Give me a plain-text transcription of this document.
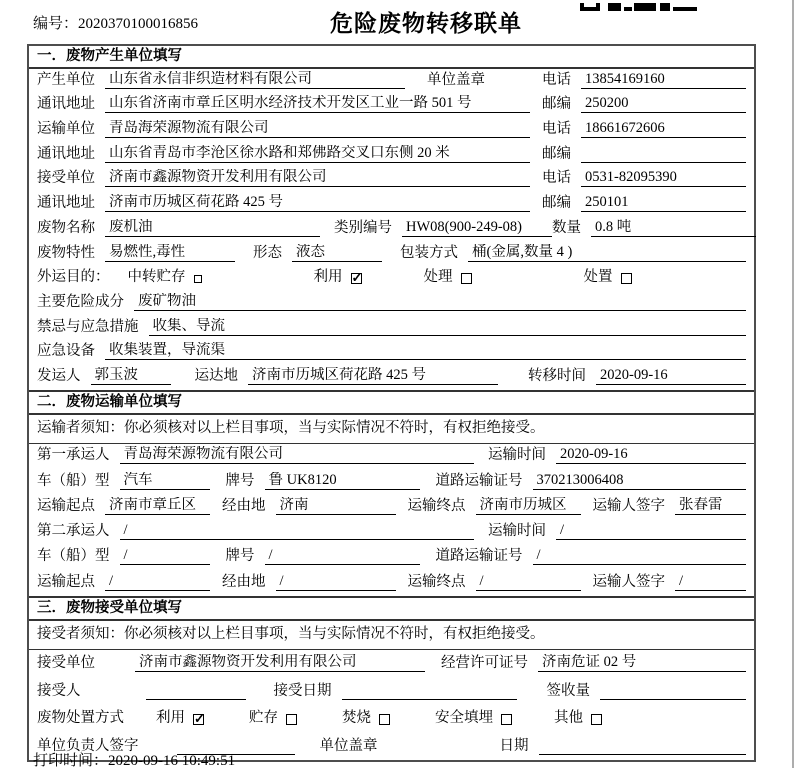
编号：2020370100016856	危险废物转移联单
一．废物产生单位填写
产生单位 山东省永信非织造材料有限公司	单位盖章	电话 13854169160
通讯地址 山东省济南市章丘区明水经济技术开发区工业一路 501 号	邮编 250200
运输单位 青岛海荣源物流有限公司	电话 18661672606
通讯地址 山东省青岛市李沧区徐水路和郑佛路交叉口东侧 20 米	邮编
接受单位 济南市鑫源物资开发利用有限公司	电话 0531-82095390
通讯地址 济南市历城区荷花路 425 号	邮编 250101
废物名称 废机油	类别编号 HW08(900-249-08)	数量 0.8 吨
废物特性 易燃性,毒性	形态 液态	包装方式 桶(金属,数量 4 )
外运目的：	中转贮存	利用 ✓	处理	处置
主要危险成分 废矿物油
禁忌与应急措施 收集、导流
应急设备 收集装置，导流渠
发运人 郭玉波	运达地 济南市历城区荷花路 425 号	转移时间 2020-09-16
二．废物运输单位填写
运输者须知：你必须核对以上栏目事项，当与实际情况不符时，有权拒绝接受。
第一承运人 青岛海荣源物流有限公司	运输时间 2020-09-16
车（船）型 汽车	牌号 鲁 UK8120	道路运输证号 370213006408
运输起点 济南市章丘区	经由地 济南	运输终点 济南市历城区	运输人签字 张春雷
第二承运人 /	运输时间 /
车（船）型 /	牌号 /	道路运输证号 /
运输起点 /	经由地 /	运输终点 /	运输人签字 /
三．废物接受单位填写
接受者须知：你必须核对以上栏目事项，当与实际情况不符时，有权拒绝接受。
接受单位	济南市鑫源物资开发利用有限公司	经营许可证号 济南危证 02 号
接受人	接受日期	签收量
废物处置方式	利用 ✓	贮存	焚烧	安全填埋	其他
单位负责人签字	单位盖章	日期
打印时间：2020-09-16 10:49:51
